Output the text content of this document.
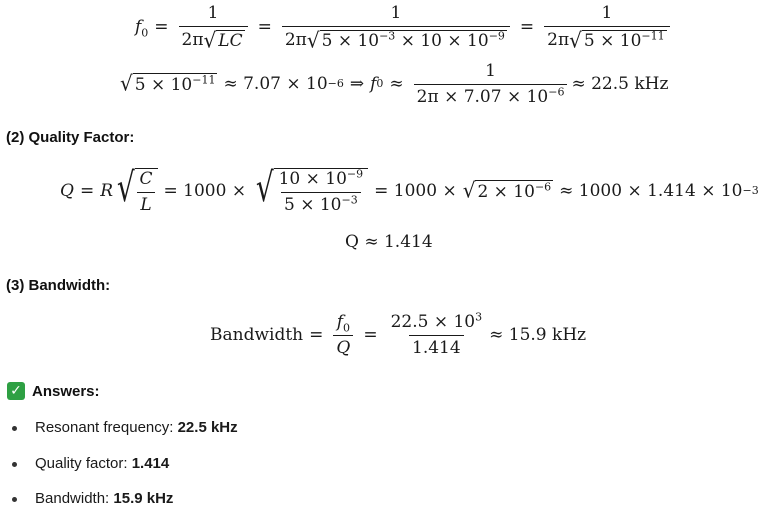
$f_0 = \frac{1}{2\pi √ LC} = \frac{1}{2\pi √ 5 \times 10^{-3} \times 10 \times 10^{-9}} = \frac{1}{2\pi √ 5 \times 10^{-11}}$
√ $5 \times 10^{-11} \approx 7.07 \times 10 -6$ ⇒ f $0 \approx \frac{1}{2\pi \times 7.07 \times 10^{-6}} \approx 22.5$ kHz
(2) Quality Factor:
Q = R √ $\frac{C}{L} = 1000$ × √ $\frac{10 \times 10^{-9}}{5 \times 10^{-3}} = 1000$ × √ $2 \times 10^{-6} \approx 1000 \times 1.414 \times 10 -3$
Q ≈ 1.414
(3) Bandwidth:
Bandwidth = $\frac{f_0}{Q} = \frac{22.5 \times 10^3}{1.414} \approx 15.9$ kHz
✓ Answers:
Resonant frequency: 22.5 kHz
Quality factor: 1.414
Bandwidth: 15.9 kHz
